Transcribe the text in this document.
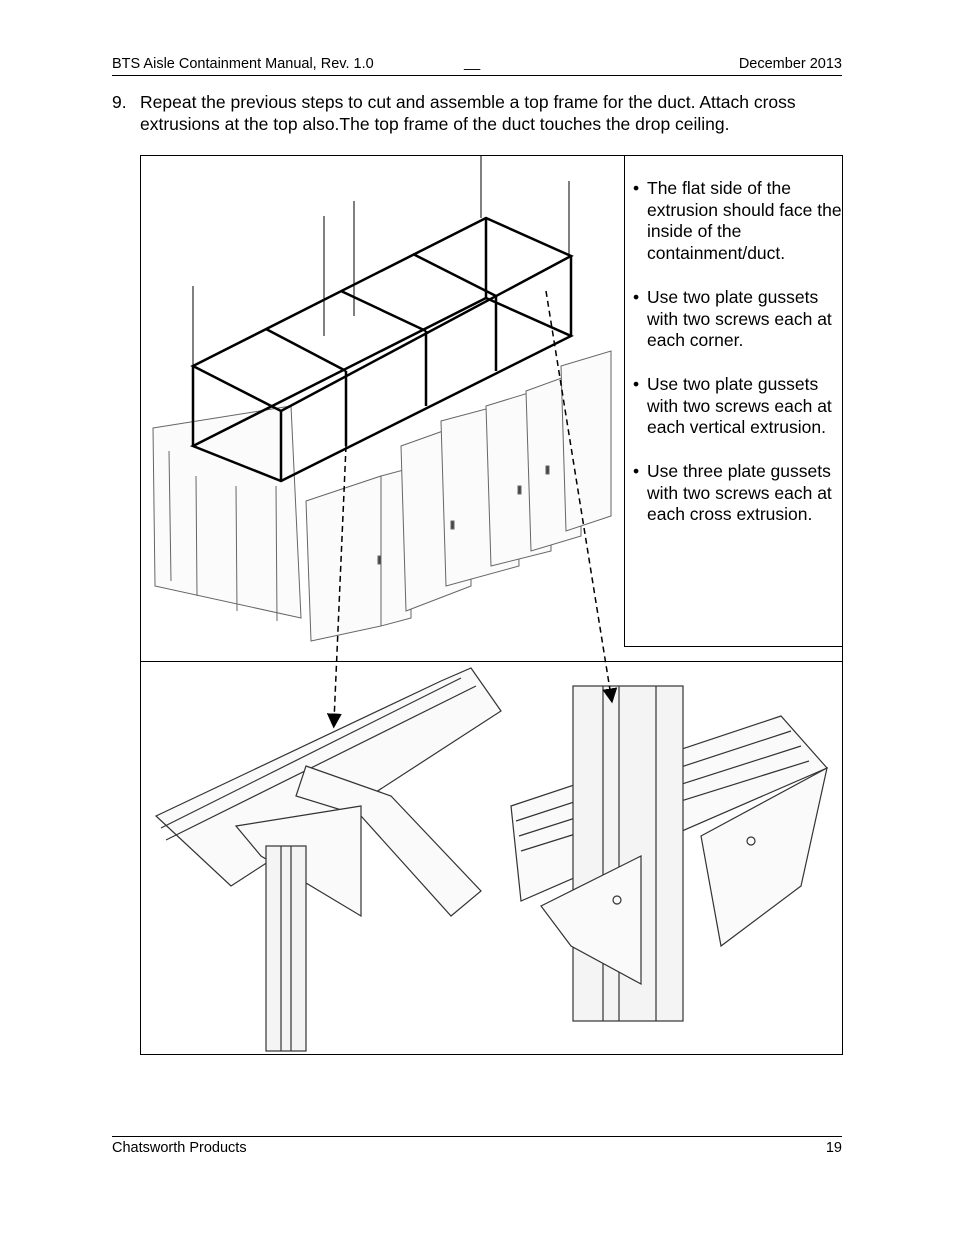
BTS Aisle Containment Manual, Rev. 1.0	__	December 2013
9. Repeat the previous steps to cut and assemble a top frame for the duct. Attach cross extrusions at the top also.The top frame of the duct touches the drop ceiling.
• The flat side of the extrusion should face the inside of the containment/duct.
• Use two plate gussets with two screws each at each corner.
• Use two plate gussets with two screws each at each vertical extrusion.
• Use three plate gussets with two screws each at each cross extrusion.
Chatsworth Products	19
